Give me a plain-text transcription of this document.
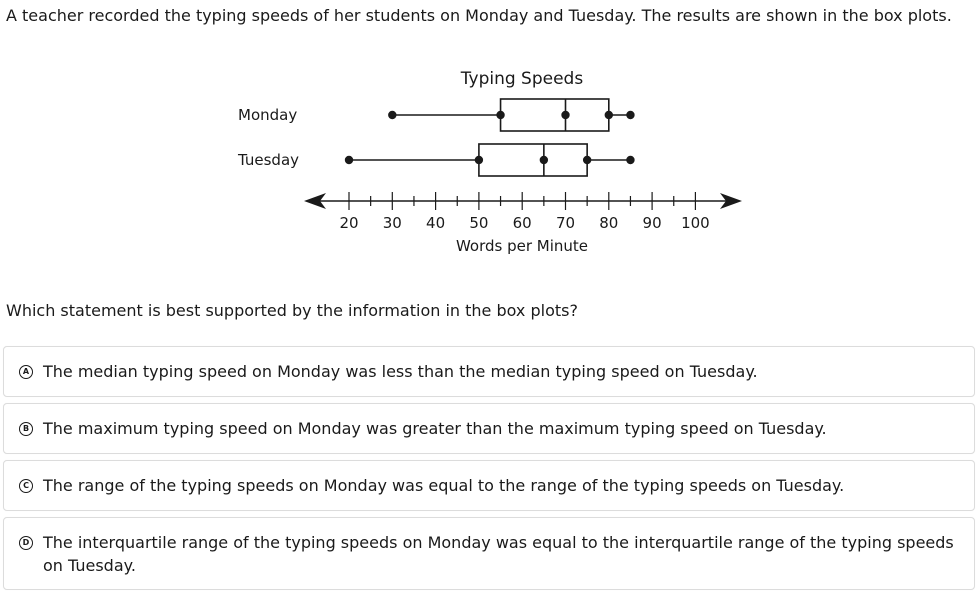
A teacher recorded the typing speeds of her students on Monday and Tuesday. The results are shown in the box plots.

Typing Speeds
Monday
Tuesday
20 30 40 50 60 70 80 90 100
Words per Minute

Which statement is best supported by the information in the box plots?

A The median typing speed on Monday was less than the median typing speed on Tuesday.
B The maximum typing speed on Monday was greater than the maximum typing speed on Tuesday.
C The range of the typing speeds on Monday was equal to the range of the typing speeds on Tuesday.
D The interquartile range of the typing speeds on Monday was equal to the interquartile range of the typing speeds on Tuesday.
